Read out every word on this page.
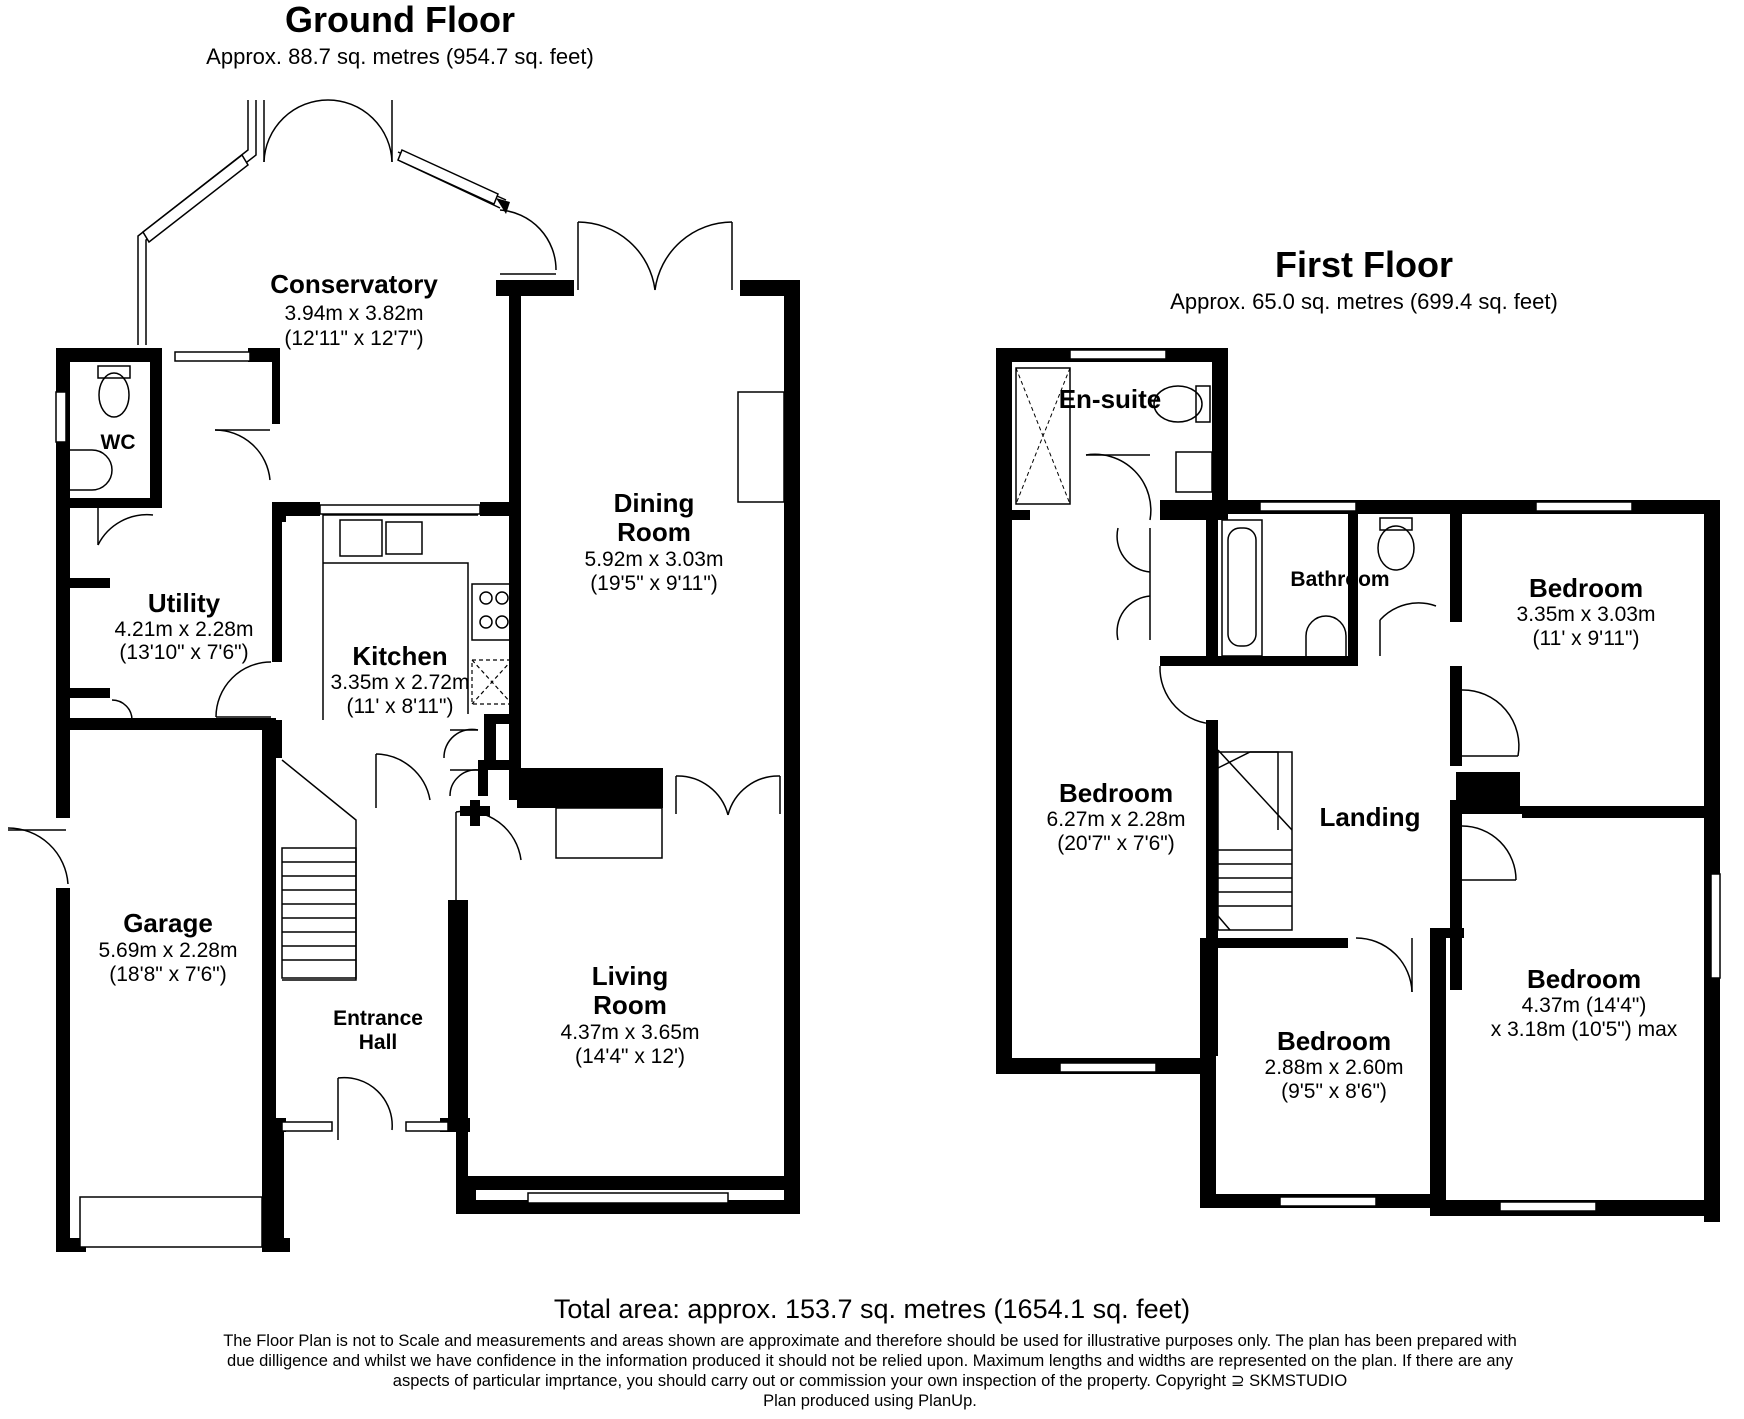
Ground Floor
Approx. 88.7 sq. metres (954.7 sq. feet)
Conservatory
3.94m x 3.82m
(12'11" x 12'7")
WC
Utility
4.21m x 2.28m
(13'10" x 7'6")	Kitchen
3.35m x 2.72m
(11' x 8'11")
Dining
Room
5.92m x 3.03m
(19'5" x 9'11")
Garage
5.69m x 2.28m
(18'8" x 7'6")
Entrance
Hall
Living
Room
4.37m x 3.65m
(14'4" x 12')
First Floor
Approx. 65.0 sq. metres (699.4 sq. feet)
En-suite
Bathroom	Bedroom
3.35m x 3.03m
(11' x 9'11")
Bedroom
6.27m x 2.28m
(20'7" x 7'6")
Landing
Bedroom
2.88m x 2.60m
(9'5" x 8'6")
Bedroom
4.37m (14'4")
x 3.18m (10'5") max
Total area: approx. 153.7 sq. metres (1654.1 sq. feet)
The Floor Plan is not to Scale and measurements and areas shown are approximate and therefore should be used for illustrative purposes only. The plan has been prepared with due dilligence and whilst we have confidence in the information produced it should not be relied upon. Maximum lengths and widths are represented on the plan. If there are any aspects of particular imprtance, you should carry out or commission your own inspection of the property. Copyright ⊇ SKMSTUDIO
Plan produced using PlanUp.
